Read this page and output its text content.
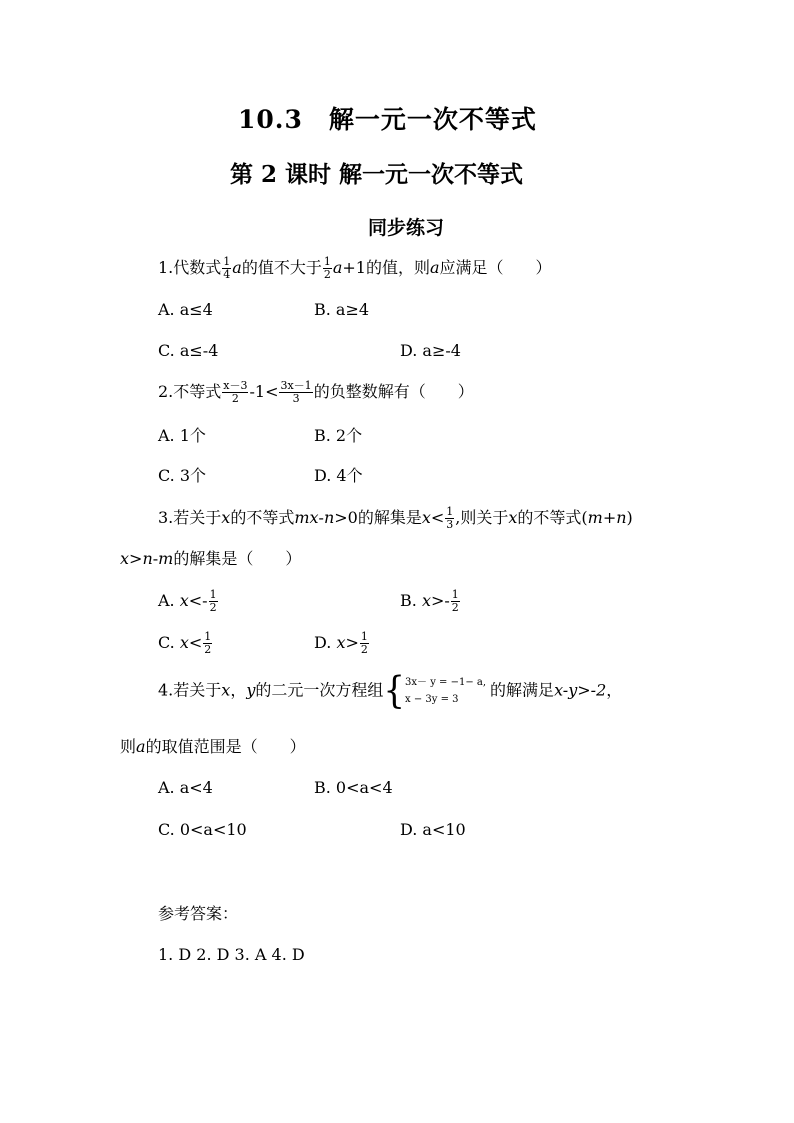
10.3　解一元一次不等式
第 2 课时 解一元一次不等式
同步练习
1.代数式 $\frac{1}{4}$ a的值不大于 $\frac{1}{2} a+1$的值，则a应满足（　　）
A. a≤4	B. a≥4
C. a≤-4	D. a≥-4
2.不等式 $\frac{x-3}{2} -1< \frac{3x-1}{3}$ 的负整数解有（　　）
A. 1个	B. 2个
C. 3个	D. 4个
3.若关于x的不等式mx-n>0的解集是$x< \frac{1}{3}$ ,则关于x的不等式(m+n)
x>n-m的解集是（　　）
A. $x<- \frac{1}{2}$	B. $x>- \frac{1}{2}$
C. $x< \frac{1}{2}$	D. $x> \frac{1}{2}$
4.若关于x，y的二元一次方程组{ 3x－ y = −1− a,
x − 3y = 3	的解满足x-y>-2，
则a的取值范围是（　　）
A. a<4	B. 0<a<4
C. 0<a<10	D. a<10
参考答案：
1. D 2. D 3. A 4. D
